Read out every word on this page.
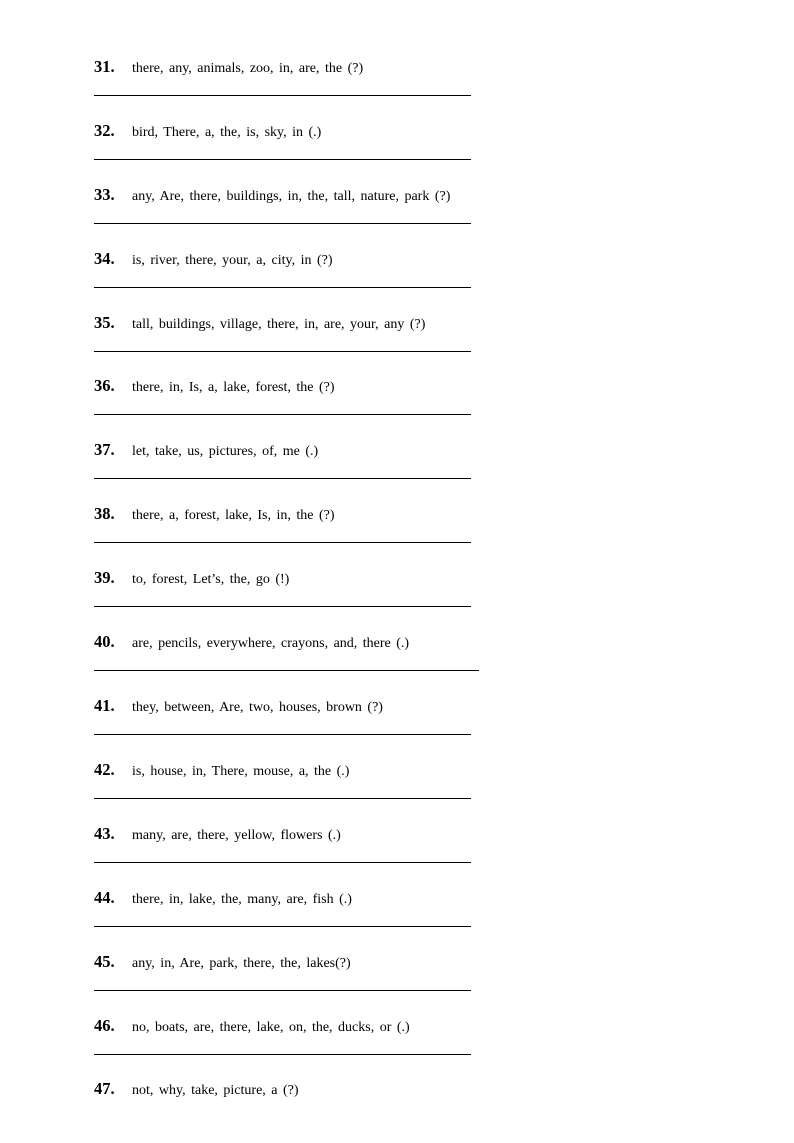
31. there, any, animals, zoo, in, are, the (?)
32. bird, There, a, the, is, sky, in (.)
33. any, Are, there, buildings, in, the, tall, nature, park (?)
34. is, river, there, your, a, city, in (?)
35. tall, buildings, village, there, in, are, your, any (?)
36. there, in, Is, a, lake, forest, the (?)
37. let, take, us, pictures, of, me (.)
38. there, a, forest, lake, Is, in, the (?)
39. to, forest, Let’s, the, go (!)
40. are, pencils, everywhere, crayons, and, there (.)
41. they, between, Are, two, houses, brown (?)
42. is, house, in, There, mouse, a, the (.)
43. many, are, there, yellow, flowers (.)
44. there, in, lake, the, many, are, fish (.)
45. any, in, Are, park, there, the, lakes(?)
46. no, boats, are, there, lake, on, the, ducks, or (.)
47. not, why, take, picture, a (?)
